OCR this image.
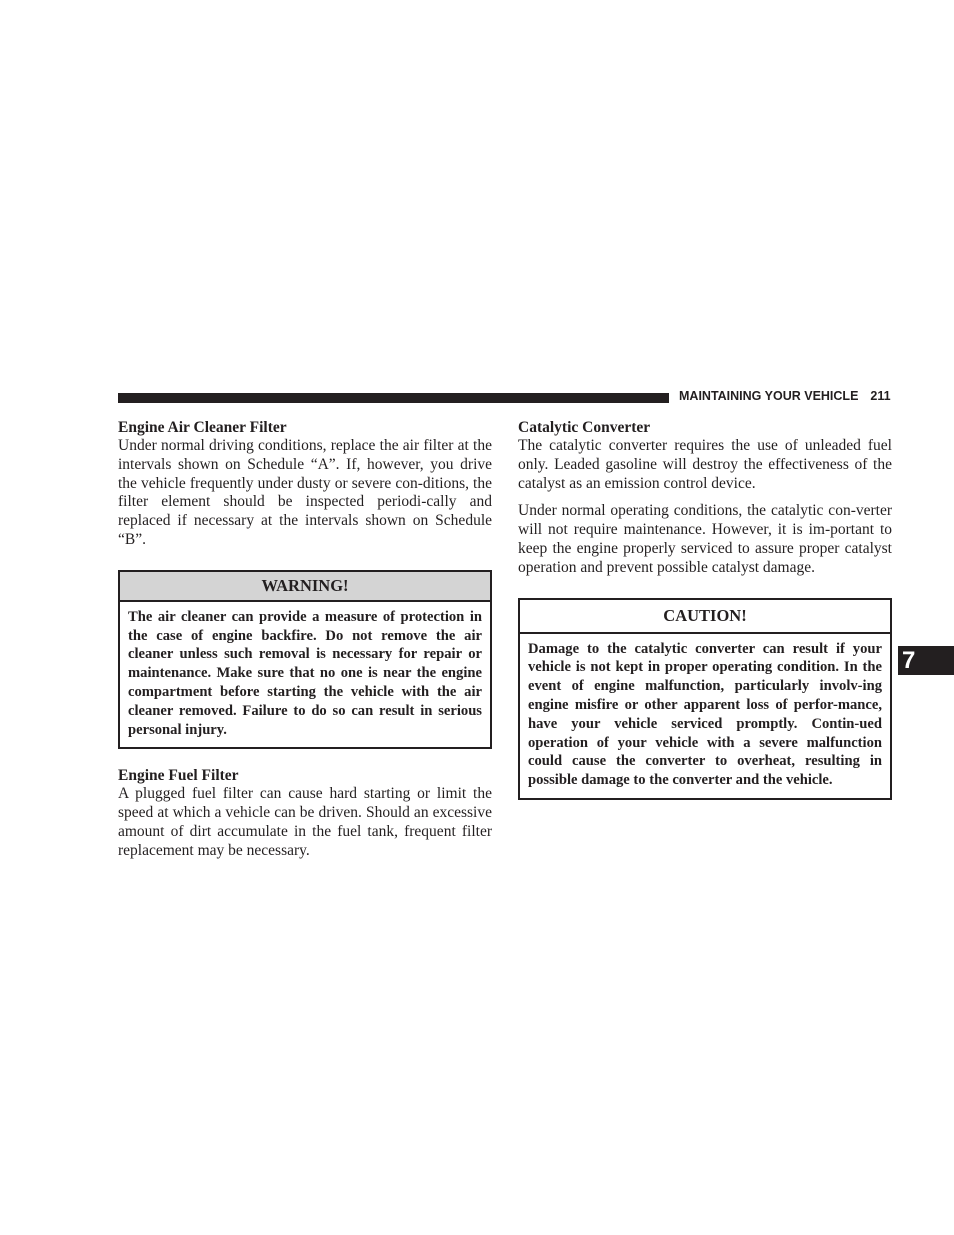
MAINTAINING YOUR VEHICLE 211
Engine Air Cleaner Filter

Under normal driving conditions, replace the air filter at the intervals shown on Schedule “A”. If, however, you drive the vehicle frequently under dusty or severe con-ditions, the filter element should be inspected periodi-cally and replaced if necessary at the intervals shown on Schedule “B”.

WARNING!
The air cleaner can provide a measure of protection in the case of engine backfire. Do not remove the air cleaner unless such removal is necessary for repair or maintenance. Make sure that no one is near the engine compartment before starting the vehicle with the air cleaner removed. Failure to do so can result in serious personal injury.
Engine Fuel Filter

A plugged fuel filter can cause hard starting or limit the speed at which a vehicle can be driven. Should an excessive amount of dirt accumulate in the fuel tank, frequent filter replacement may be necessary.

Catalytic Converter

The catalytic converter requires the use of unleaded fuel only. Leaded gasoline will destroy the effectiveness of the catalyst as an emission control device.

Under normal operating conditions, the catalytic con-verter will not require maintenance. However, it is im-portant to keep the engine properly serviced to assure proper catalyst operation and prevent possible catalyst damage.

CAUTION!
Damage to the catalytic converter can result if your vehicle is not kept in proper operating condition. In the event of engine malfunction, particularly involv-ing engine misfire or other apparent loss of perfor-mance, have your vehicle serviced promptly. Contin-ued operation of your vehicle with a severe malfunction could cause the converter to overheat, resulting in possible damage to the converter and the vehicle.
7
